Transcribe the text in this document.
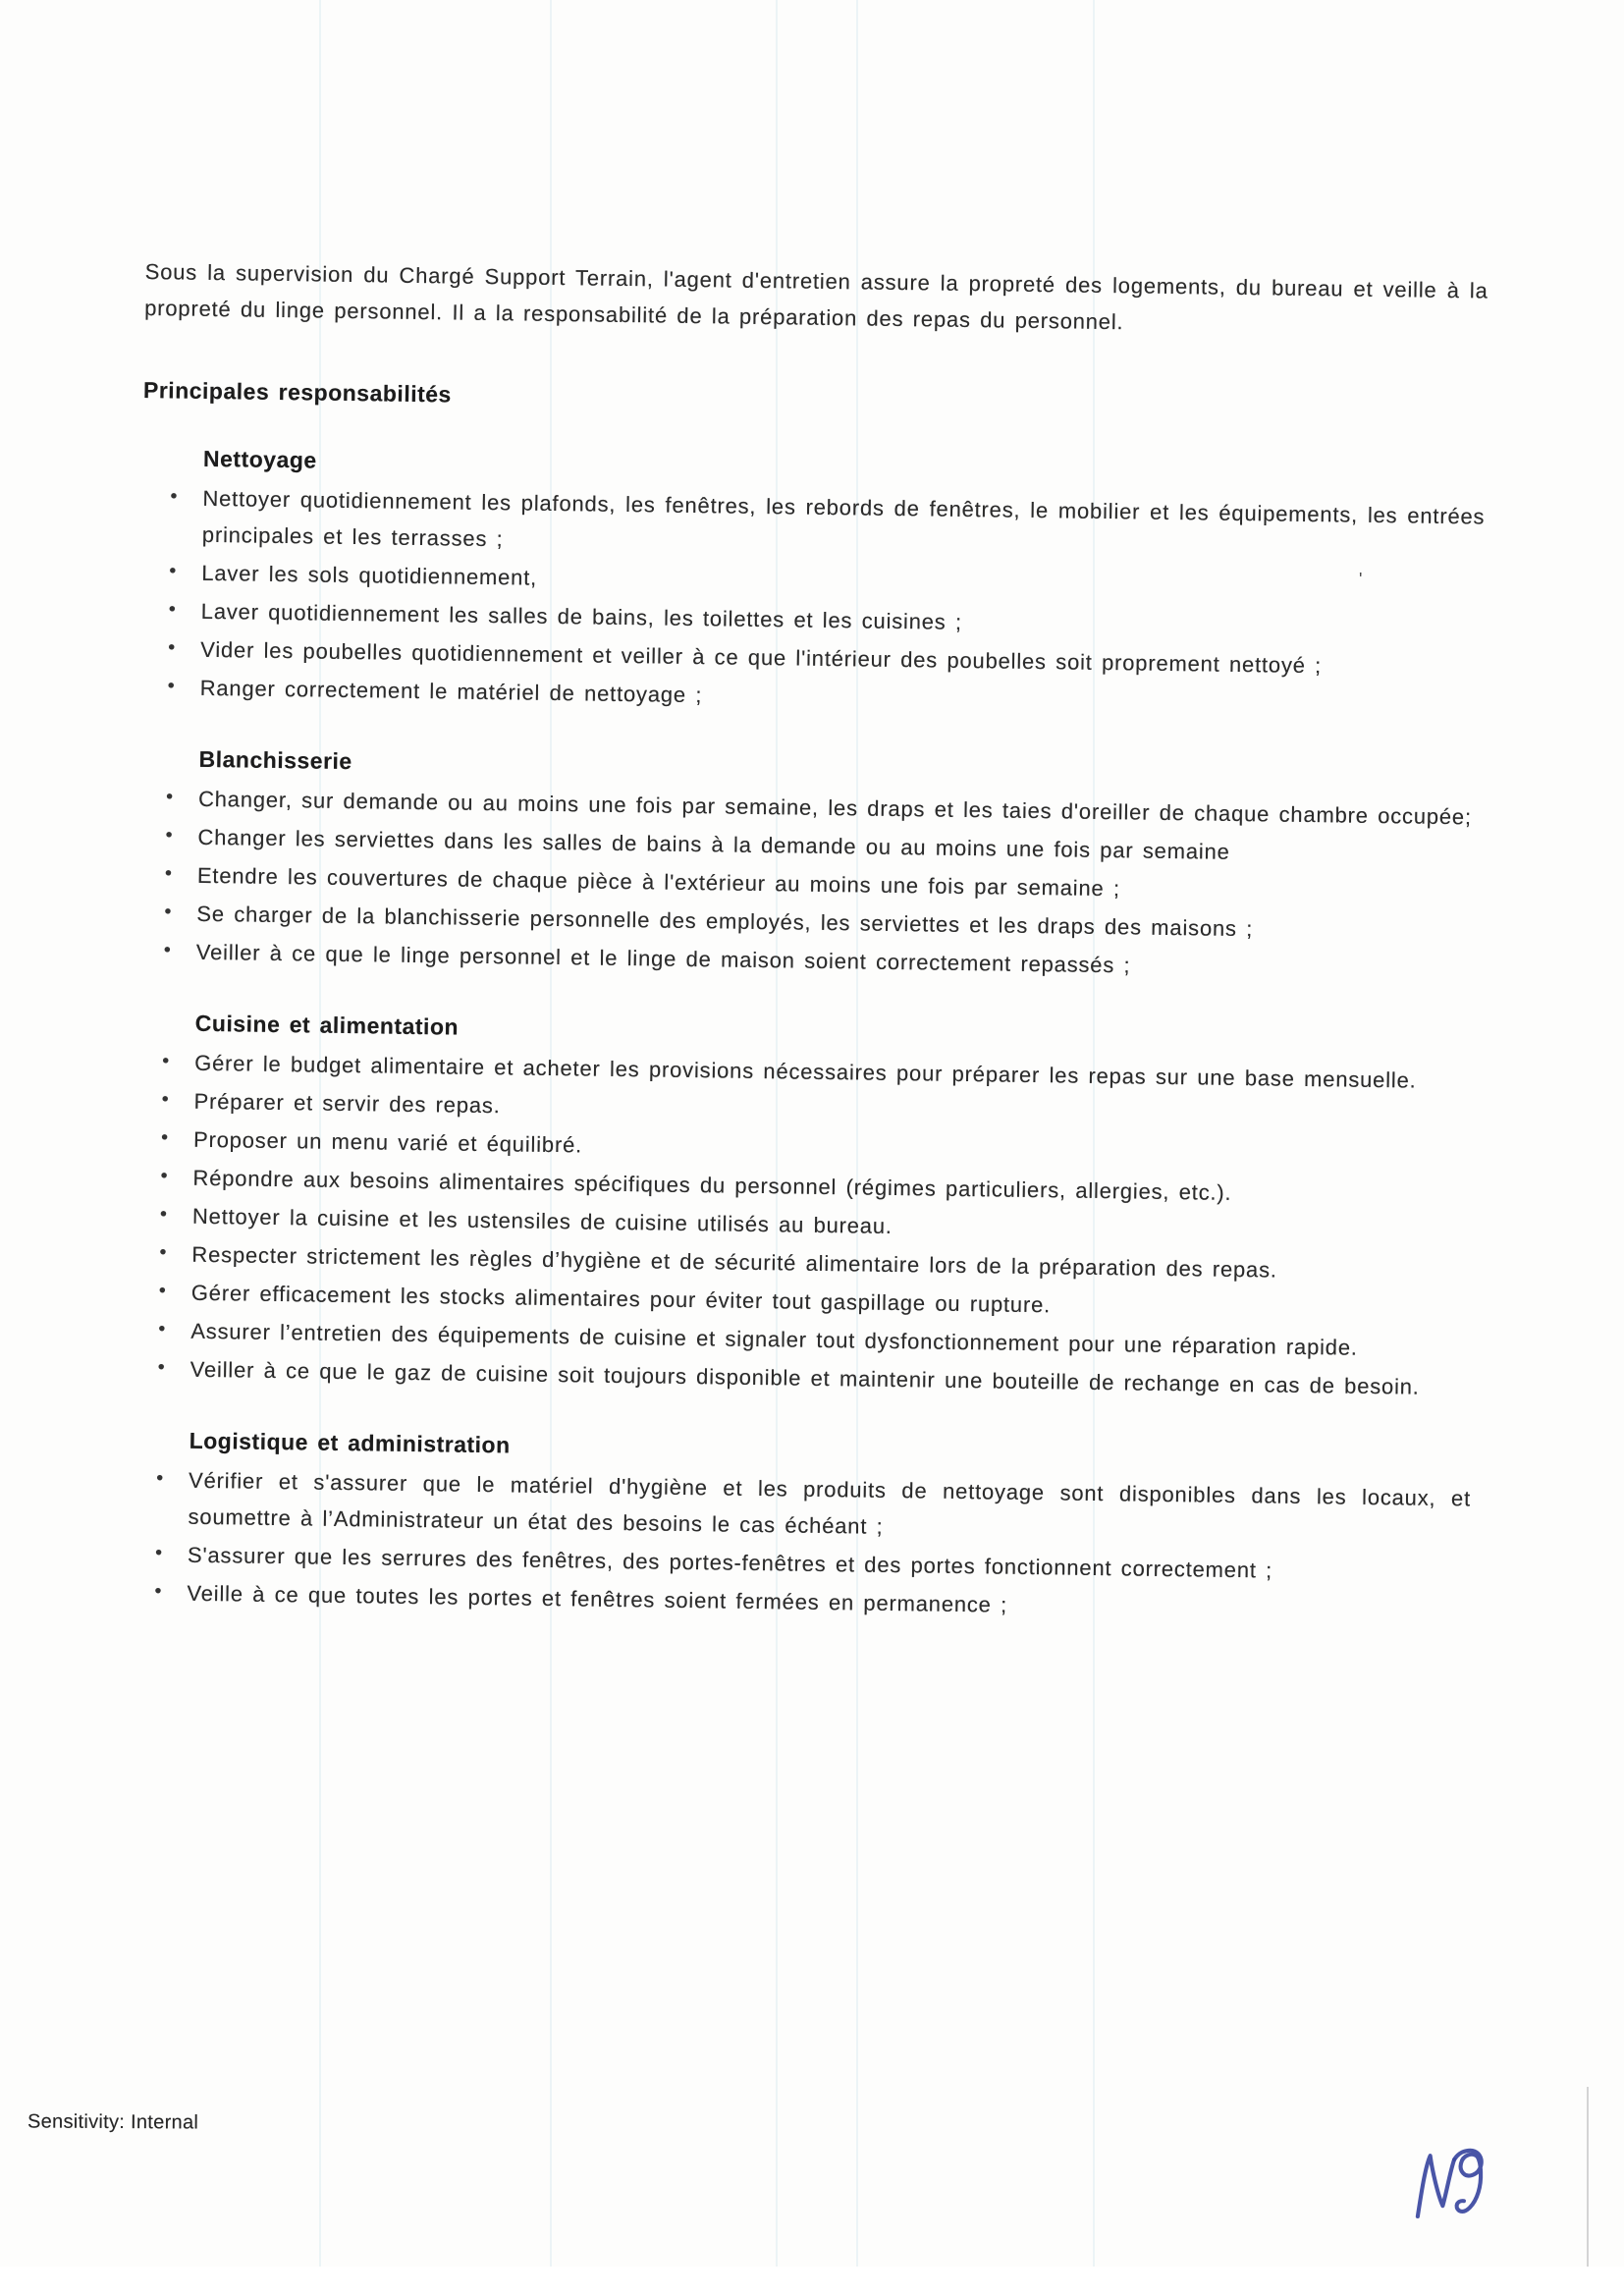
'

Sous la supervision du Chargé Support Terrain, l'agent d'entretien assure la propreté des logements, du bureau et veille à la propreté du linge personnel. Il a la responsabilité de la préparation des repas du personnel.

Principales responsabilités
Nettoyage
• Nettoyer quotidiennement les plafonds, les fenêtres, les rebords de fenêtres, le mobilier et les équipements, les entrées principales et les terrasses ;
• Laver les sols quotidiennement,
• Laver quotidiennement les salles de bains, les toilettes et les cuisines ;
• Vider les poubelles quotidiennement et veiller à ce que l'intérieur des poubelles soit proprement nettoyé ;
• Ranger correctement le matériel de nettoyage ;
Blanchisserie
• Changer, sur demande ou au moins une fois par semaine, les draps et les taies d'oreiller de chaque chambre occupée;
• Changer les serviettes dans les salles de bains à la demande ou au moins une fois par semaine
• Etendre les couvertures de chaque pièce à l'extérieur au moins une fois par semaine ;
• Se charger de la blanchisserie personnelle des employés, les serviettes et les draps des maisons ;
• Veiller à ce que le linge personnel et le linge de maison soient correctement repassés ;
Cuisine et alimentation
• Gérer le budget alimentaire et acheter les provisions nécessaires pour préparer les repas sur une base mensuelle.
• Préparer et servir des repas.
• Proposer un menu varié et équilibré.
• Répondre aux besoins alimentaires spécifiques du personnel (régimes particuliers, allergies, etc.).
• Nettoyer la cuisine et les ustensiles de cuisine utilisés au bureau.
• Respecter strictement les règles d’hygiène et de sécurité alimentaire lors de la préparation des repas.
• Gérer efficacement les stocks alimentaires pour éviter tout gaspillage ou rupture.
• Assurer l’entretien des équipements de cuisine et signaler tout dysfonctionnement pour une réparation rapide.
• Veiller à ce que le gaz de cuisine soit toujours disponible et maintenir une bouteille de rechange en cas de besoin.
Logistique et administration
• Vérifier et s'assurer que le matériel d'hygiène et les produits de nettoyage sont disponibles dans les locaux, et soumettre à l’Administrateur un état des besoins le cas échéant ;
• S'assurer que les serrures des fenêtres, des portes-fenêtres et des portes fonctionnent correctement ;
• Veille à ce que toutes les portes et fenêtres soient fermées en permanence ;
Sensitivity: Internal
